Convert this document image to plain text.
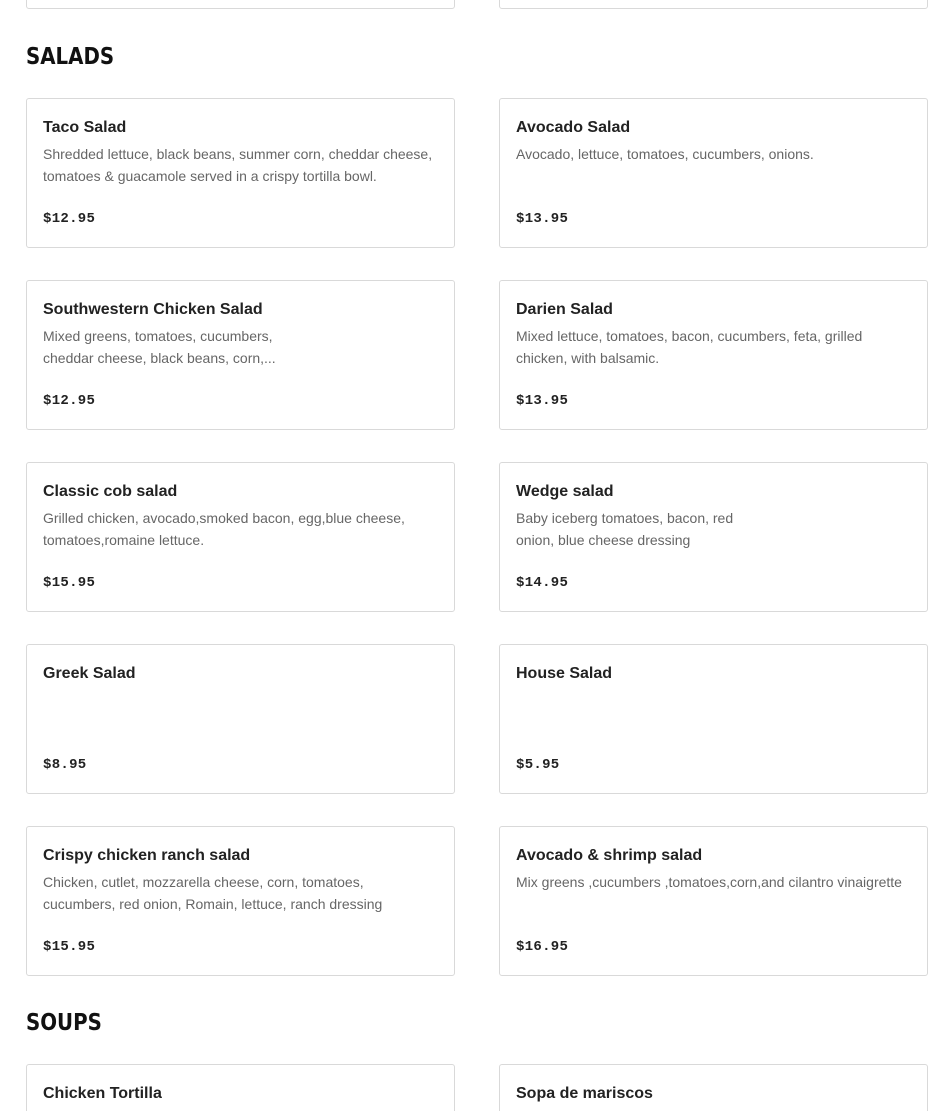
SALADS
Taco Salad
Shredded lettuce, black beans, summer corn, cheddar cheese, tomatoes & guacamole served in a crispy tortilla bowl.
$12.95
Avocado Salad
Avocado, lettuce, tomatoes, cucumbers, onions.
$13.95
Southwestern Chicken Salad
Mixed greens, tomatoes, cucumbers,
cheddar cheese, black beans, corn,...
$12.95
Darien Salad
Mixed lettuce, tomatoes, bacon, cucumbers, feta, grilled chicken, with balsamic.
$13.95
Classic cob salad
Grilled chicken, avocado,smoked bacon, egg,blue cheese, tomatoes,romaine lettuce.
$15.95
Wedge salad
Baby iceberg tomatoes, bacon, red
onion, blue cheese dressing
$14.95
Greek Salad
$8.95
House Salad
$5.95
Crispy chicken ranch salad
Chicken, cutlet, mozzarella cheese, corn, tomatoes, cucumbers, red onion, Romain, lettuce, ranch dressing
$15.95
Avocado & shrimp salad
Mix greens ,cucumbers ,tomatoes,corn,and cilantro vinaigrette
$16.95
SOUPS
Chicken Tortilla	Sopa de mariscos
